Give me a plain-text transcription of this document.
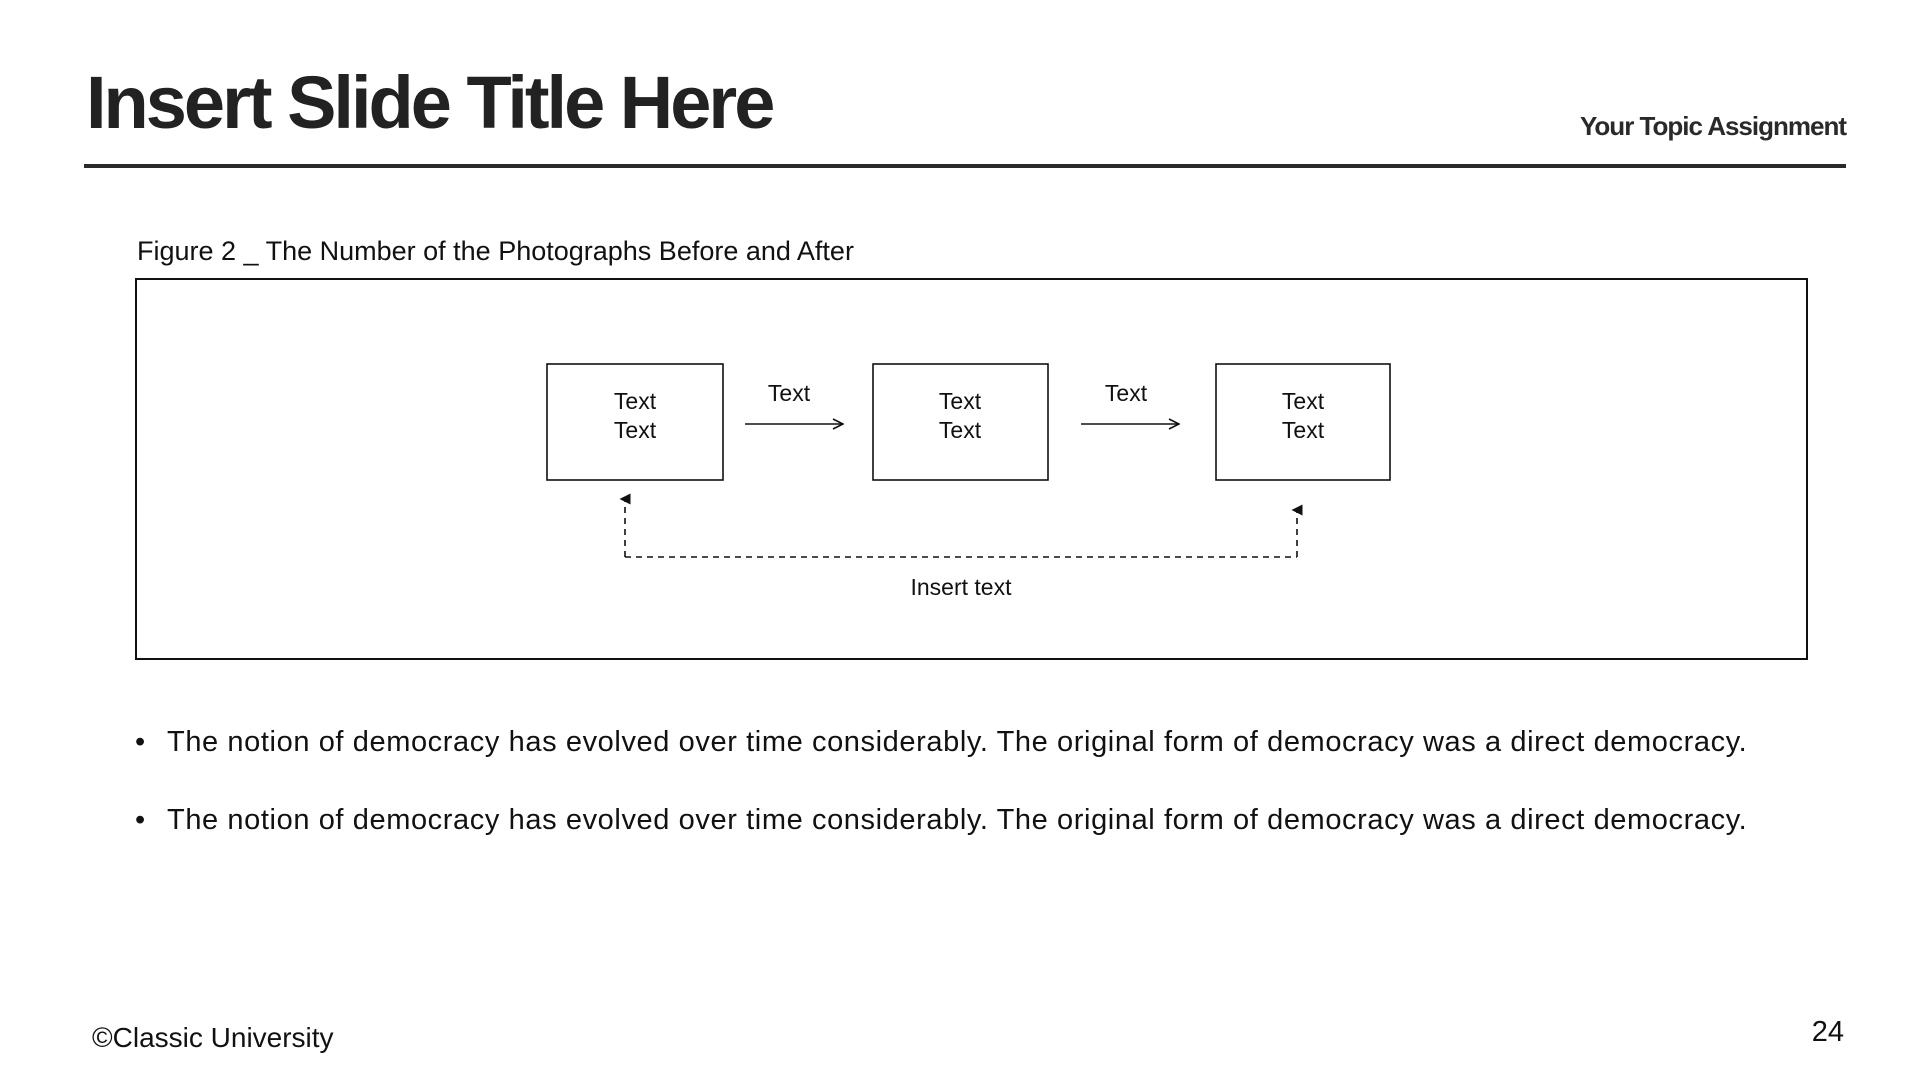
Insert Slide Title Here	Your Topic Assignment
Figure 2 _ The Number of the Photographs Before and After
Text
Text
Text
Text
Text
Text
Text	Text
Insert text
• The notion of democracy has evolved over time considerably. The original form of democracy was a direct democracy.
• The notion of democracy has evolved over time considerably. The original form of democracy was a direct democracy.
©Classic University	24
